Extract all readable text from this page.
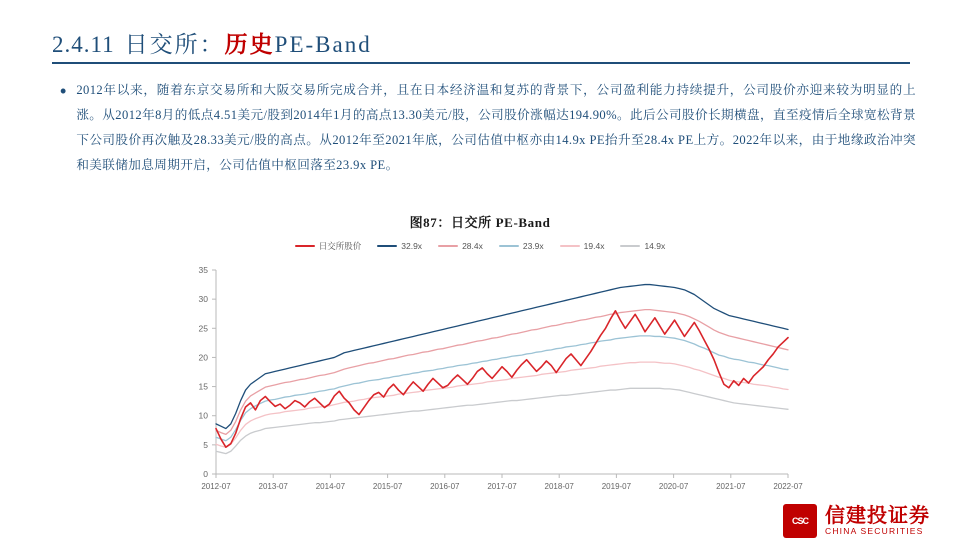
2.4.11 日交所：历史PE-Band
• 2012年以来，随着东京交易所和大阪交易所完成合并，且在日本经济温和复苏的背景下，公司盈利能力持续提升，公司股价亦迎来较为明显的上涨。从2012年8月的低点4.51美元/股到2014年1月的高点13.30美元/股，公司股价涨幅达194.90%。此后公司股价长期横盘，直至疫情后全球宽松背景下公司股价再次触及28.33美元/股的高点。从2012年至2021年底，公司估值中枢亦由14.9x PE抬升至28.4x PE上方。2022年以来，由于地缘政治冲突和美联储加息周期开启，公司估值中枢回落至23.9x PE。
图87：日交所 PE-Band
日交所股价	32.9x	28.4x	23.9x	19.4x	14.9x
0
5
10
15
20
25
30
35
2012-07	2013-07	2014-07	2015-07	2016-07	2017-07	2018-07	2019-07	2020-07	2021-07	2022-07
CSC 信建投证券
CHINA SECURITIES
